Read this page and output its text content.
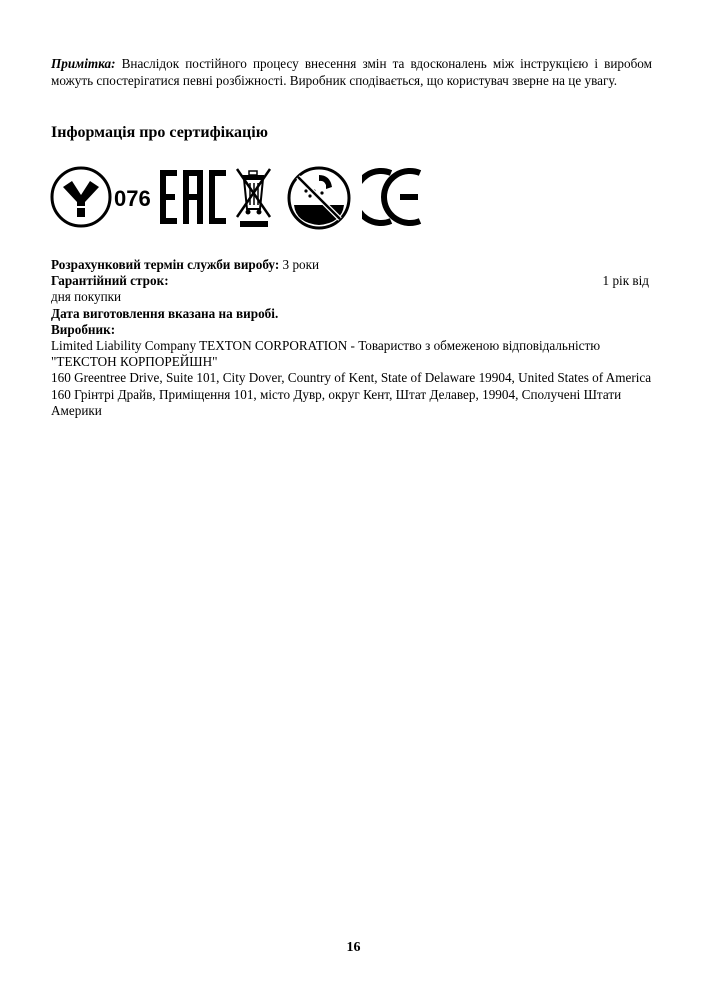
Примітка: Внаслідок постійного процесу внесення змін та вдосконалень між інструкцією і виробом можуть спостерігатися певні розбіжності. Виробник сподівається, що користувач зверне на це увагу.

Інформація про сертифікацію
076
Розрахунковий термін служби виробу: 3 роки
Гарантійний строк:	1 рік від
дня покупки
Дата виготовлення вказана на виробі.
Виробник:
Limited Liability Company TEXTON CORPORATION - Товариство з обмеженою відповідальністю "ТЕКСТОН КОРПОРЕЙШН"
160 Greentree Drive, Suite 101, City Dover, Country of Kent, State of Delaware 19904, United States of America
160 Грінтрі Драйв, Приміщення 101, місто Дувр, округ Кент, Штат Делавер, 19904, Сполучені Штати Америки
16
